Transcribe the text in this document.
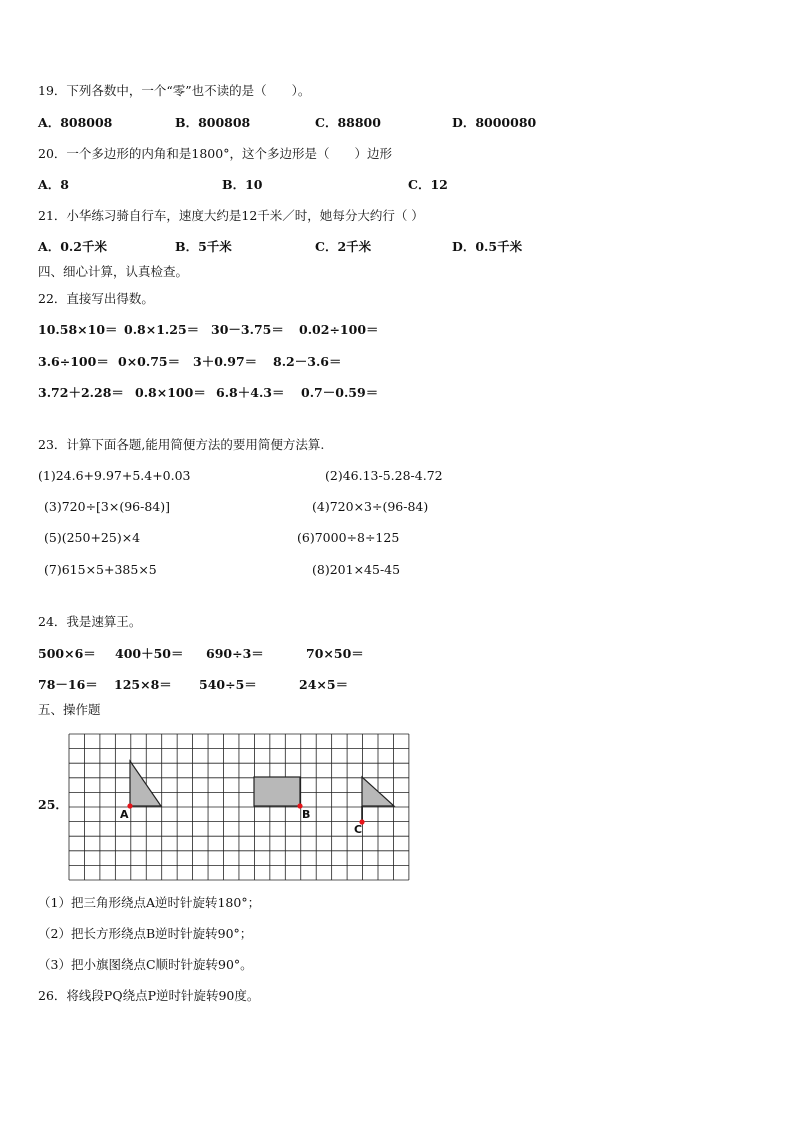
19．下列各数中，一个“零”也不读的是（　　）。
A．808008	B．800808	C．88800	D．8000080
20．一个多边形的内角和是1800°，这个多边形是（　　）边形
A．8	B．10	C．12
21．小华练习骑自行车，速度大约是12千米／时，她每分大约行（ ）
A．0.2千米	B．5千米	C．2千米	D．0.5千米
四、细心计算，认真检查。
22．直接写出得数。
10.58×10＝ 0.8×1.25＝ 30－3.75＝ 0.02÷100＝
3.6÷100＝ 0×0.75＝ 3＋0.97＝ 8.2－3.6＝
3.72＋2.28＝ 0.8×100＝ 6.8＋4.3＝ 0.7－0.59＝
23．计算下面各题,能用简便方法的要用简便方法算.
(1)24.6+9.97+5.4+0.03	(2)46.13-5.28-4.72
(3)720÷[3×(96-84)]	(4)720×3÷(96-84)
(5)(250+25)×4	(6)7000÷8÷125
(7)615×5+385×5	(8)201×45-45
24．我是速算王。
500×6＝ 400＋50＝ 690÷3＝	70×50＝
78－16＝ 125×8＝ 540÷5＝	24×5＝
五、操作题
25．
A	B
C
（1）把三角形绕点A逆时针旋转180°；
（2）把长方形绕点B逆时针旋转90°；
（3）把小旗图绕点C顺时针旋转90°。
26．将线段PQ绕点P逆时针旋转90度。
